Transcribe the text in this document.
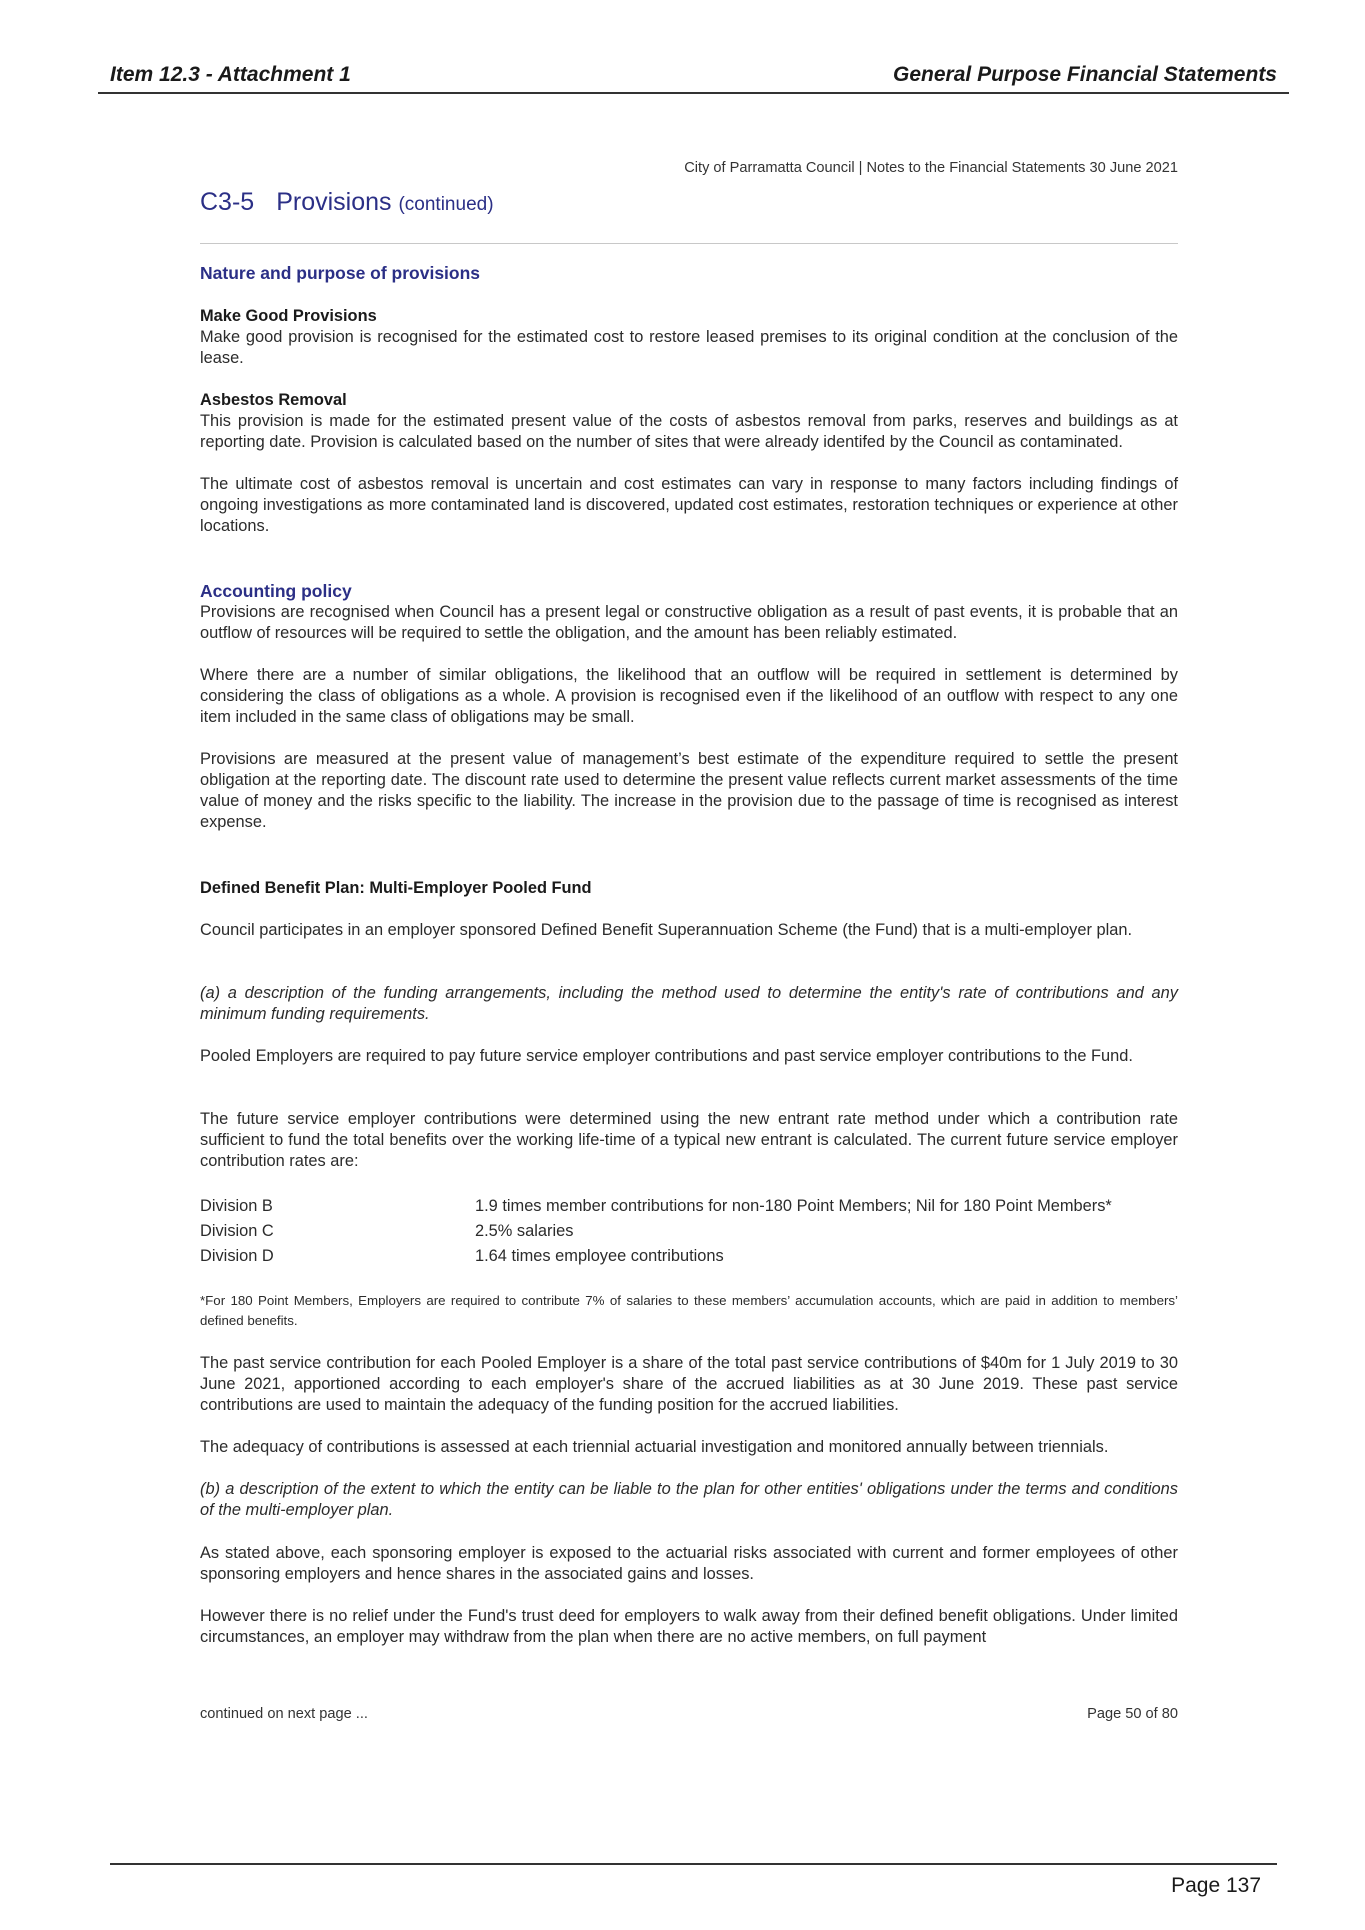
Item 12.3 - Attachment 1	General Purpose Financial Statements
City of Parramatta Council | Notes to the Financial Statements 30 June 2021
C3-5 Provisions (continued)
Nature and purpose of provisions
Make Good Provisions

Make good provision is recognised for the estimated cost to restore leased premises to its original condition at the conclusion of the lease.

Asbestos Removal

This provision is made for the estimated present value of the costs of asbestos removal from parks, reserves and buildings as at reporting date. Provision is calculated based on the number of sites that were already identifed by the Council as contaminated.

The ultimate cost of asbestos removal is uncertain and cost estimates can vary in response to many factors including findings of ongoing investigations as more contaminated land is discovered, updated cost estimates, restoration techniques or experience at other locations.

Accounting policy

Provisions are recognised when Council has a present legal or constructive obligation as a result of past events, it is probable that an outflow of resources will be required to settle the obligation, and the amount has been reliably estimated.

Where there are a number of similar obligations, the likelihood that an outflow will be required in settlement is determined by considering the class of obligations as a whole. A provision is recognised even if the likelihood of an outflow with respect to any one item included in the same class of obligations may be small.

Provisions are measured at the present value of management’s best estimate of the expenditure required to settle the present obligation at the reporting date. The discount rate used to determine the present value reflects current market assessments of the time value of money and the risks specific to the liability. The increase in the provision due to the passage of time is recognised as interest expense.

Defined Benefit Plan: Multi-Employer Pooled Fund

Council participates in an employer sponsored Defined Benefit Superannuation Scheme (the Fund) that is a multi-employer plan.

(a) a description of the funding arrangements, including the method used to determine the entity's rate of contributions and any minimum funding requirements.

Pooled Employers are required to pay future service employer contributions and past service employer contributions to the Fund.

The future service employer contributions were determined using the new entrant rate method under which a contribution rate sufficient to fund the total benefits over the working life-time of a typical new entrant is calculated. The current future service employer contribution rates are:

Division B	1.9 times member contributions for non-180 Point Members; Nil for 180 Point Members*
Division C	2.5% salaries
Division D	1.64 times employee contributions

*For 180 Point Members, Employers are required to contribute 7% of salaries to these members’ accumulation accounts, which are paid in addition to members’ defined benefits.

The past service contribution for each Pooled Employer is a share of the total past service contributions of $40m for 1 July 2019 to 30 June 2021, apportioned according to each employer's share of the accrued liabilities as at 30 June 2019. These past service contributions are used to maintain the adequacy of the funding position for the accrued liabilities.

The adequacy of contributions is assessed at each triennial actuarial investigation and monitored annually between triennials.

(b) a description of the extent to which the entity can be liable to the plan for other entities' obligations under the terms and conditions of the multi-employer plan.

As stated above, each sponsoring employer is exposed to the actuarial risks associated with current and former employees of other sponsoring employers and hence shares in the associated gains and losses.

However there is no relief under the Fund's trust deed for employers to walk away from their defined benefit obligations. Under limited circumstances, an employer may withdraw from the plan when there are no active members, on full payment

continued on next page ...	Page 50 of 80
Page 137
